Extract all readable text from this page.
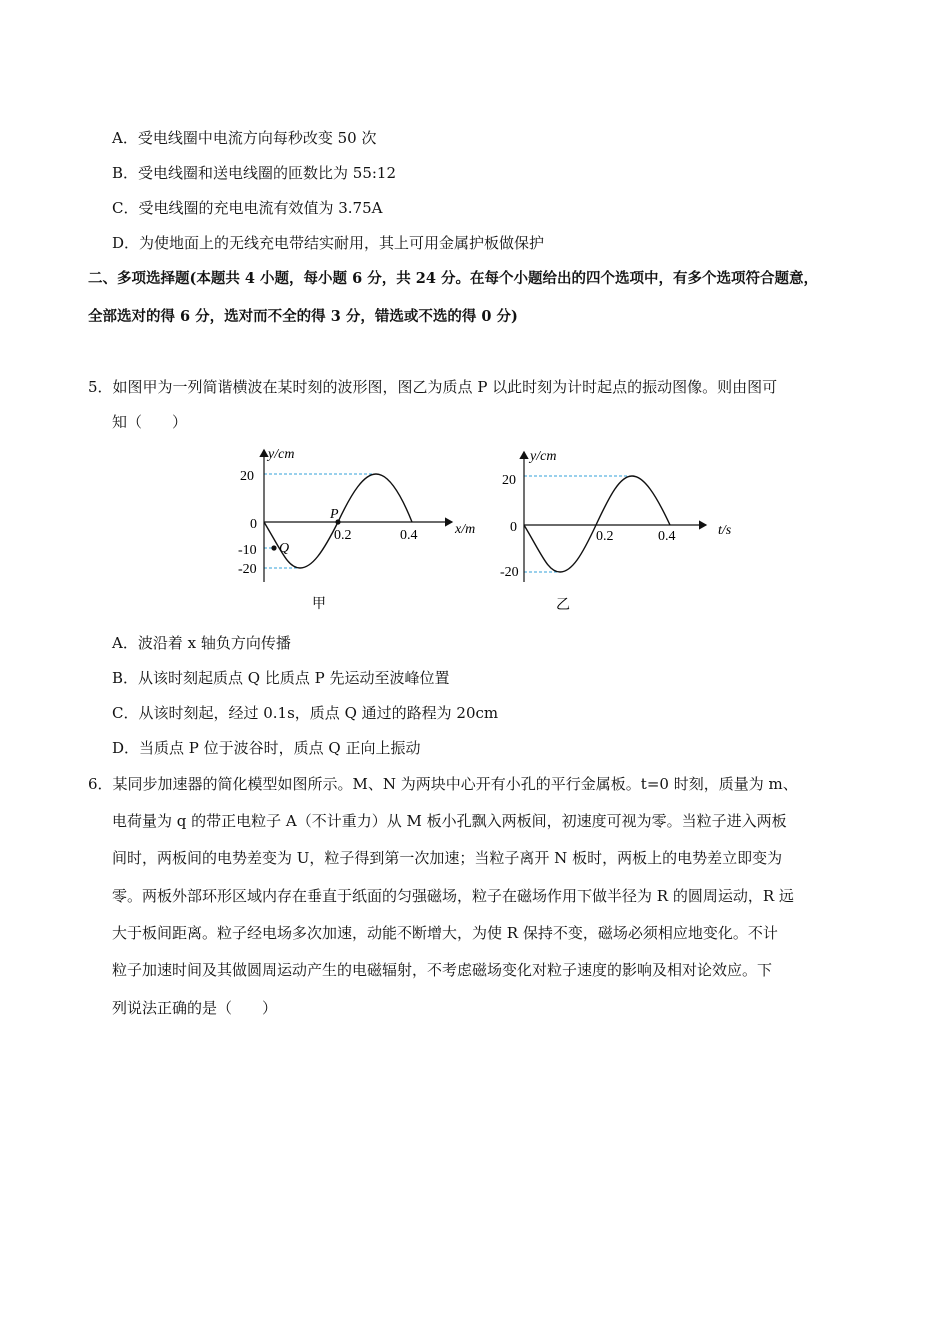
A．受电线圈中电流方向每秒改变 50 次
B．受电线圈和送电线圈的匝数比为 55:12
C．受电线圈的充电电流有效值为 3.75A
D．为使地面上的无线充电带结实耐用，其上可用金属护板做保护
二、多项选择题(本题共 4 小题，每小题 6 分，共 24 分。在每个小题给出的四个选项中，有多个选项符合题意，
全部选对的得 6 分，选对而不全的得 3 分，错选或不选的得 0 分)
5．如图甲为一列简谐横波在某时刻的波形图，图乙为质点 P 以此时刻为计时起点的振动图像。则由图可
知（　　）
y/cm
x/m
20
0
-10
-20
0.2	0.4
P
Q
甲
y/cm
t/s
20
0
-20
0.2	0.4
乙
A．波沿着 x 轴负方向传播
B．从该时刻起质点 Q 比质点 P 先运动至波峰位置
C．从该时刻起，经过 0.1s，质点 Q 通过的路程为 20cm
D．当质点 P 位于波谷时，质点 Q 正向上振动
6．某同步加速器的简化模型如图所示。M、N 为两块中心开有小孔的平行金属板。t=0 时刻，质量为 m、
电荷量为 q 的带正电粒子 A（不计重力）从 M 板小孔飘入两板间，初速度可视为零。当粒子进入两板
间时，两板间的电势差变为 U，粒子得到第一次加速；当粒子离开 N 板时，两板上的电势差立即变为
零。两板外部环形区域内存在垂直于纸面的匀强磁场，粒子在磁场作用下做半径为 R 的圆周运动，R 远
大于板间距离。粒子经电场多次加速，动能不断增大，为使 R 保持不变，磁场必须相应地变化。不计
粒子加速时间及其做圆周运动产生的电磁辐射，不考虑磁场变化对粒子速度的影响及相对论效应。下
列说法正确的是（　　）
